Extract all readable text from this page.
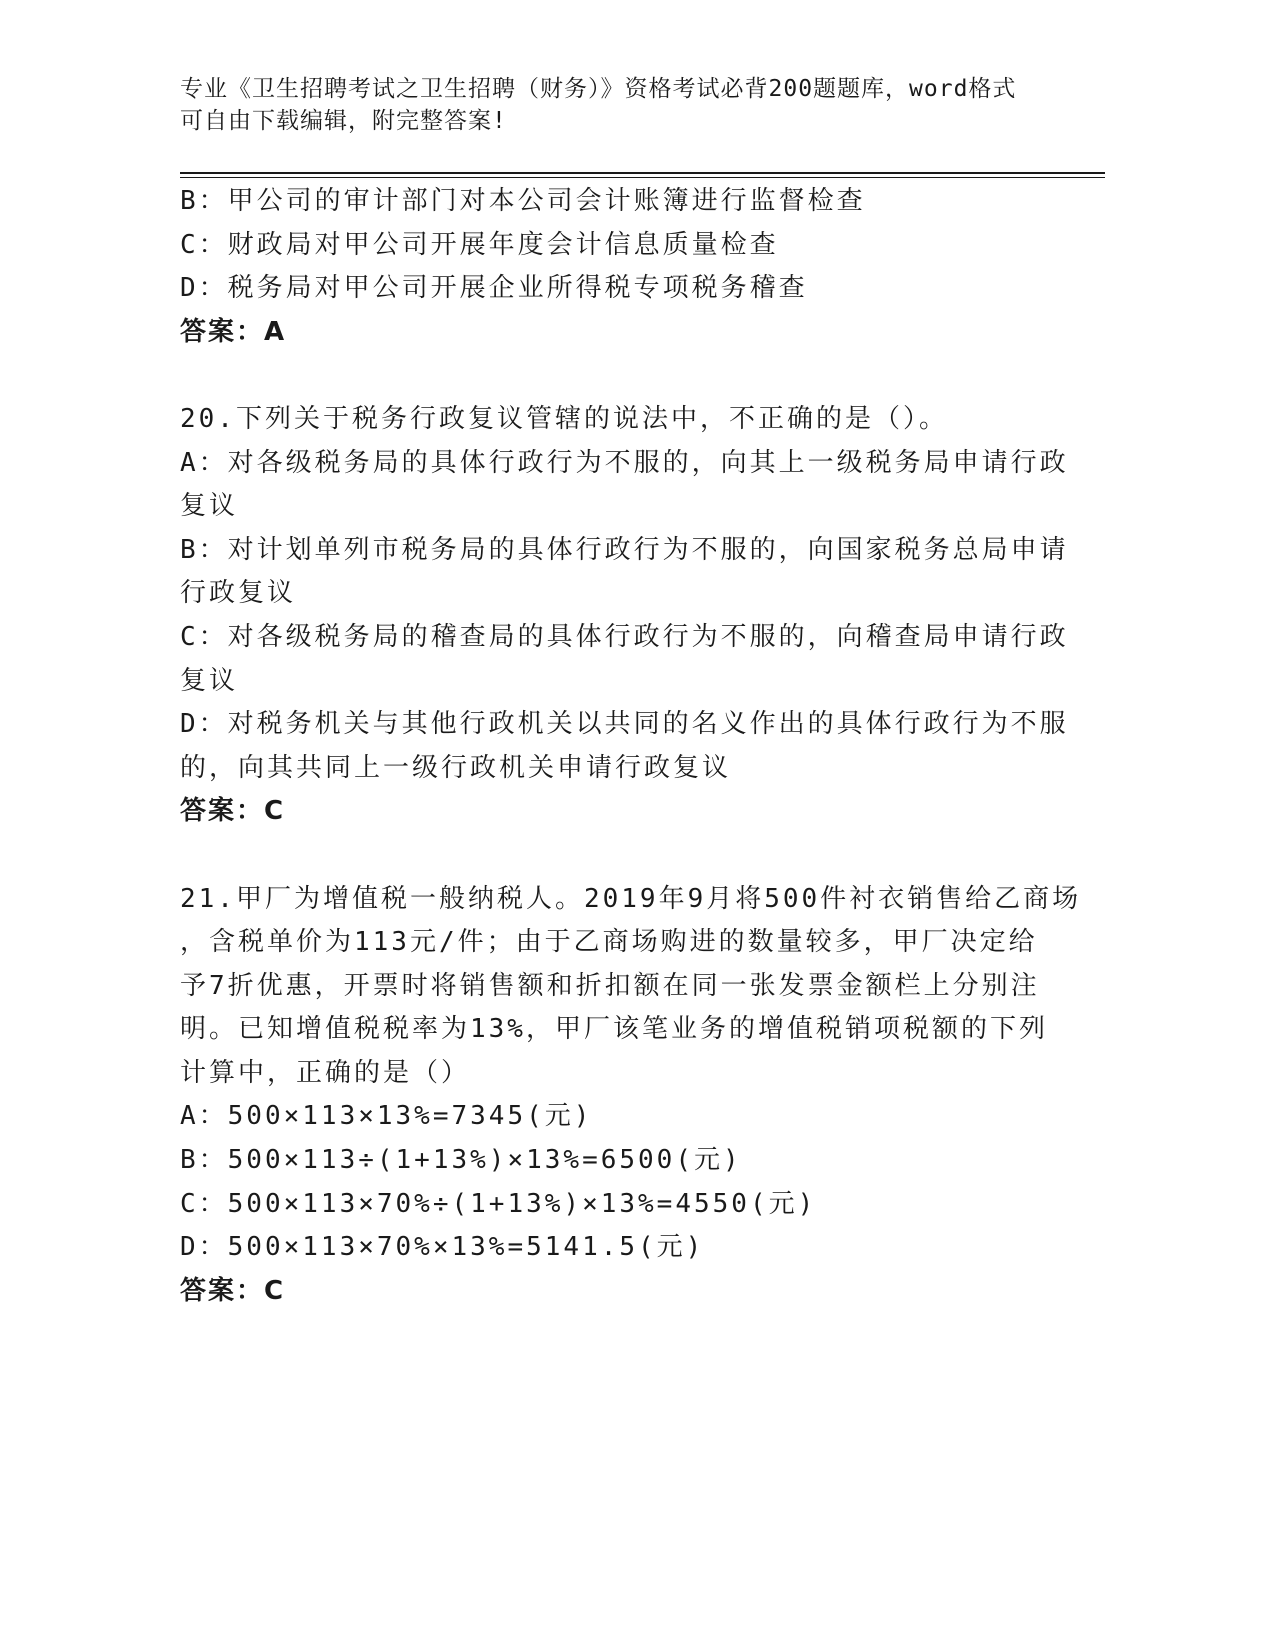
专业《卫生招聘考试之卫生招聘（财务）》资格考试必背200题题库，word格式
可自由下载编辑，附完整答案!
B：甲公司的审计部门对本公司会计账簿进行监督检查
C：财政局对甲公司开展年度会计信息质量检查
D：税务局对甲公司开展企业所得税专项税务稽查
答案：A
20.下列关于税务行政复议管辖的说法中，不正确的是（）。
A：对各级税务局的具体行政行为不服的，向其上一级税务局申请行政
复议
B：对计划单列市税务局的具体行政行为不服的，向国家税务总局申请
行政复议
C：对各级税务局的稽查局的具体行政行为不服的，向稽查局申请行政
复议
D：对税务机关与其他行政机关以共同的名义作出的具体行政行为不服
的，向其共同上一级行政机关申请行政复议
答案：C
21.甲厂为增值税一般纳税人。2019年9月将500件衬衣销售给乙商场
，含税单价为113元/件；由于乙商场购进的数量较多，甲厂决定给
予7折优惠，开票时将销售额和折扣额在同一张发票金额栏上分别注
明。已知增值税税率为13%，甲厂该笔业务的增值税销项税额的下列
计算中，正确的是（）
A：500×113×13%=7345(元)
B：500×113÷(1+13%)×13%=6500(元)
C：500×113×70%÷(1+13%)×13%=4550(元)
D：500×113×70%×13%=5141.5(元)
答案：C
